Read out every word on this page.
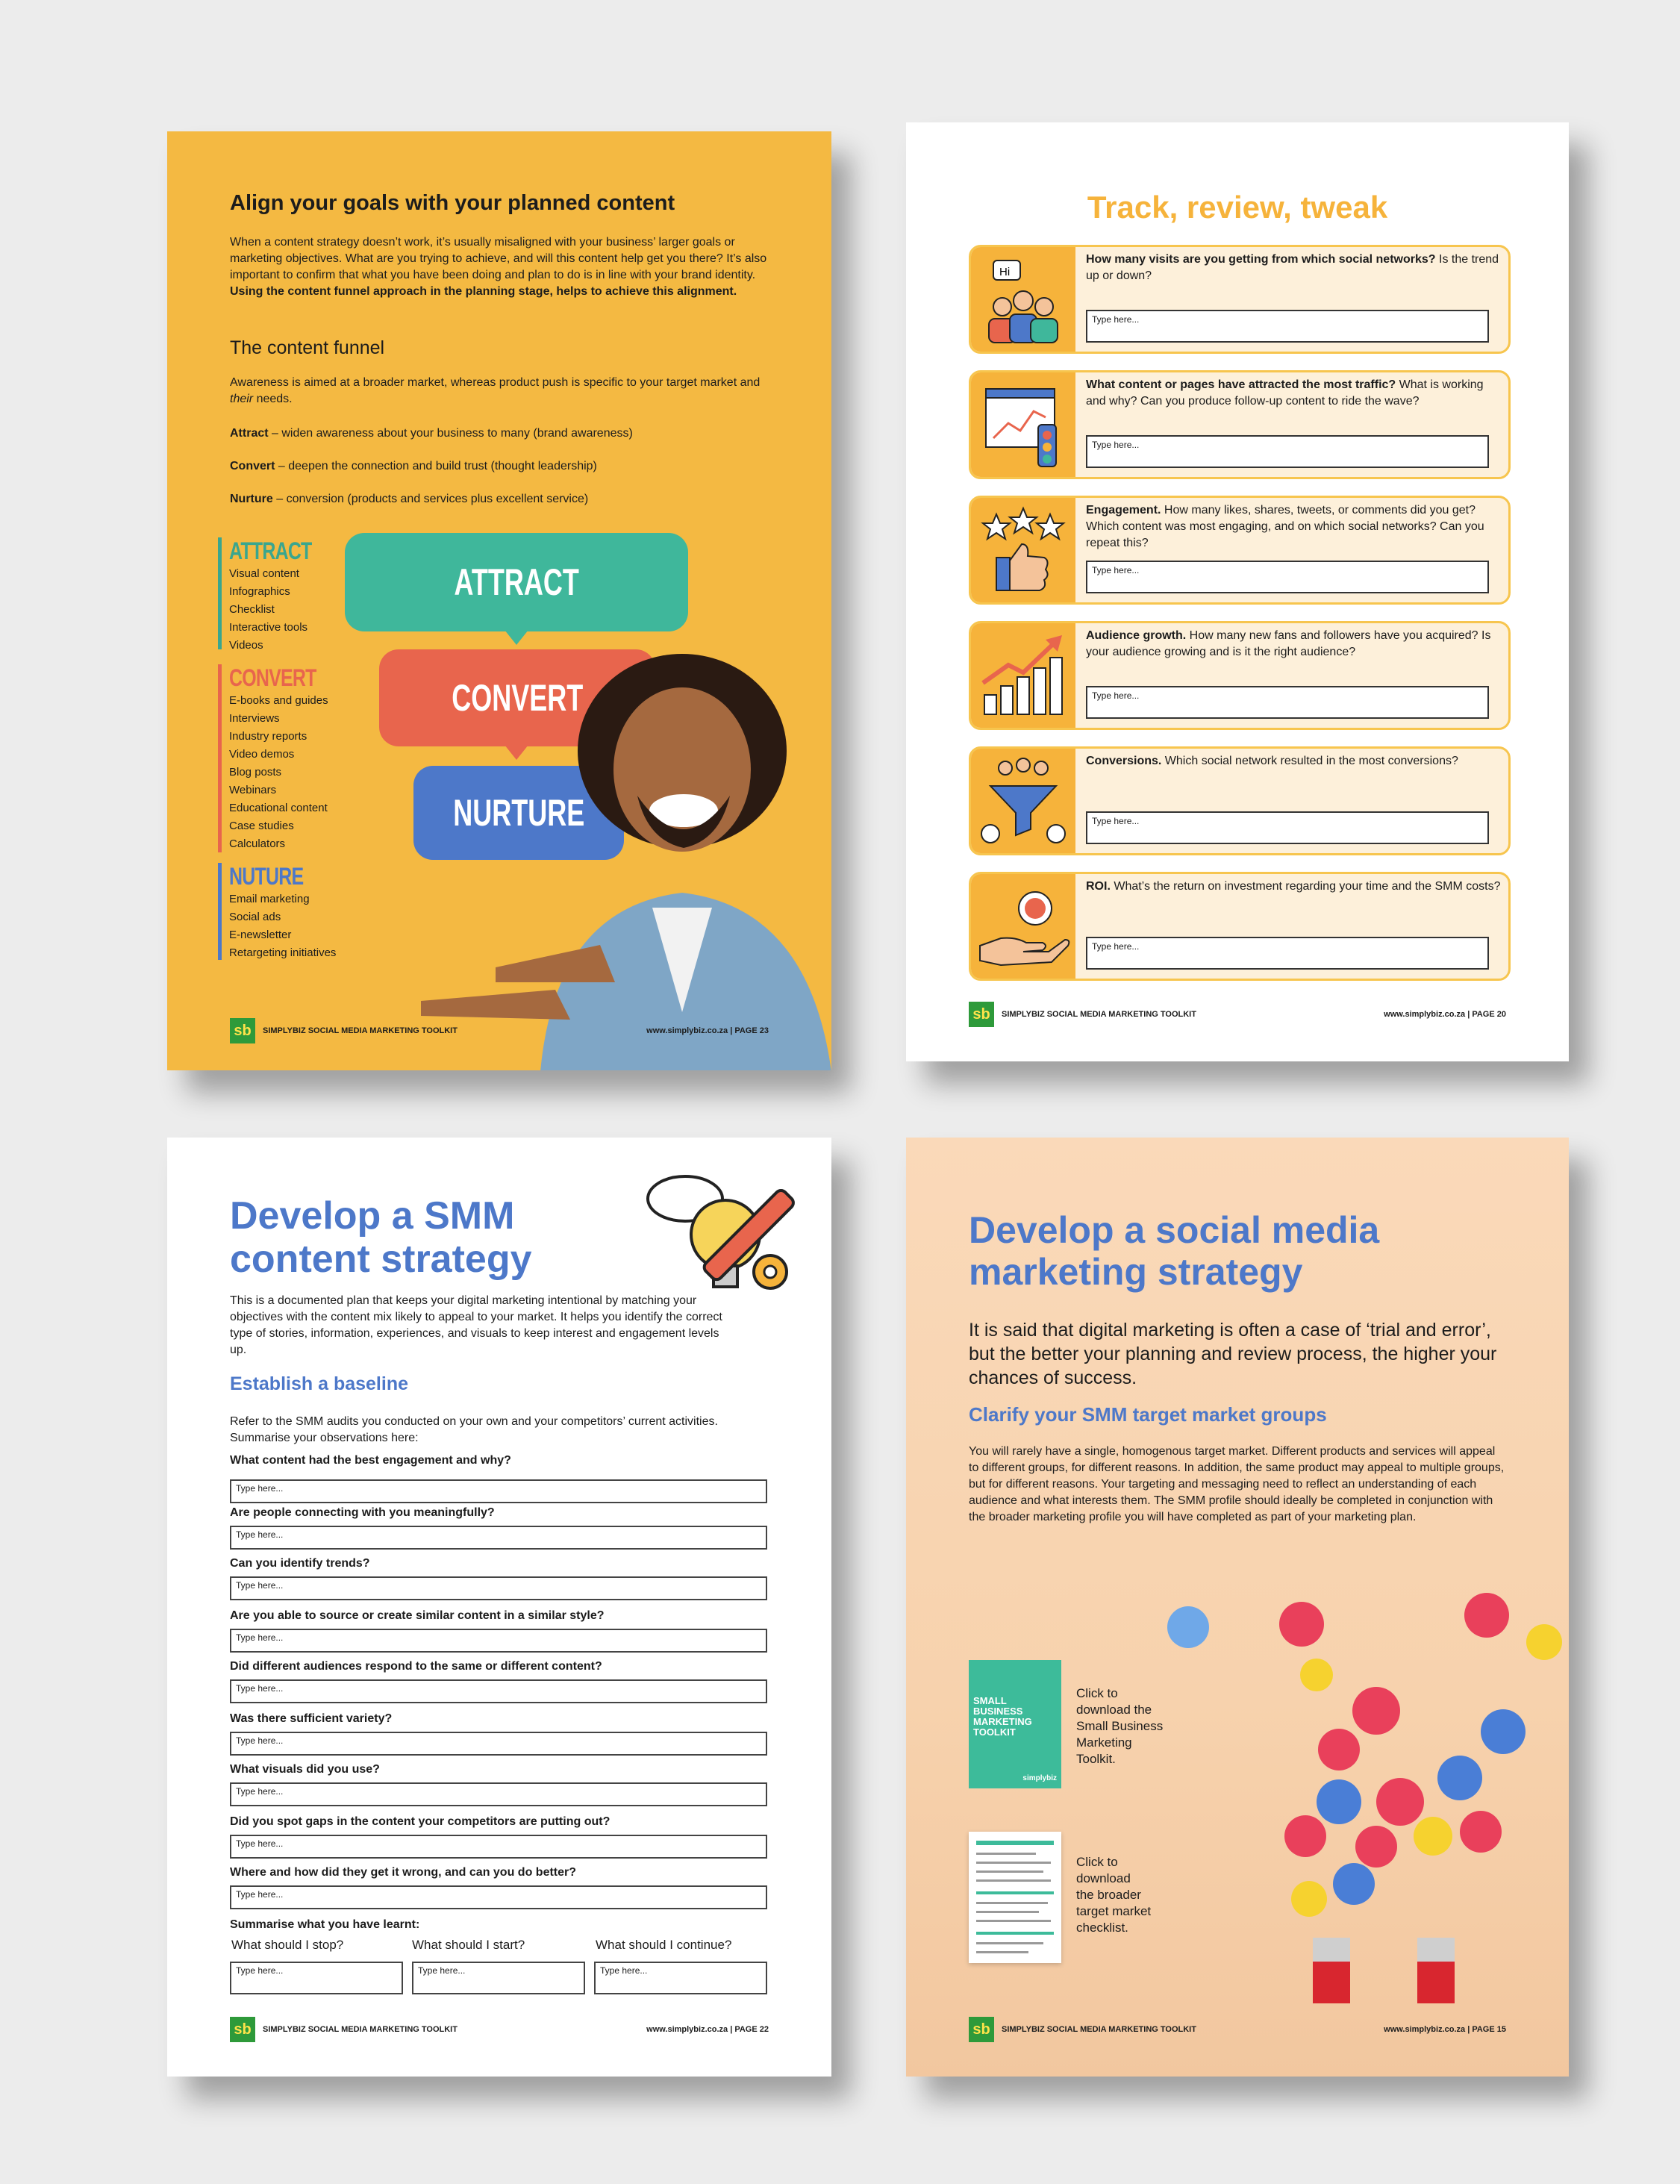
Align your goals with your planned content

When a content strategy doesn’t work, it’s usually misaligned with your business’ larger goals or marketing objectives. What are you trying to achieve, and will this content help get you there? It’s also important to confirm that what you have been doing and plan to do is in line with your brand identity. Using the content funnel approach in the planning stage, helps to achieve this alignment.

The content funnel

Awareness is aimed at a broader market, whereas product push is specific to your target market and their needs.

Attract – widen awareness about your business to many (brand awareness)

Convert – deepen the connection and build trust (thought leadership)

Nurture – conversion (products and services plus excellent service)

ATTRACT
Visual content
Infographics
Checklist
Interactive tools
Videos
CONVERT
E-books and guides
Interviews
Industry reports
Video demos
Blog posts
Webinars
Educational content
Case studies
Calculators
NUTURE
Email marketing
Social ads
E-newsletter
Retargeting initiatives
ATTRACT
CONVERT
NURTURE
sb	SIMPLYBIZ SOCIAL MEDIA MARKETING TOOLKIT	www.simplybiz.co.za | PAGE 23
Track, review, tweak
Hi
How many visits are you getting from which social networks? Is the trend up or down?
Type here...
What content or pages have attracted the most traffic? What is working and why? Can you produce follow-up content to ride the wave?
Type here...
Engagement. How many likes, shares, tweets, or comments did you get? Which content was most engaging, and on which social networks? Can you repeat this?
Type here...
Audience growth. How many new fans and followers have you acquired? Is your audience growing and is it the right audience?
Type here...
Conversions. Which social network resulted in the most conversions?
Type here...
ROI. What’s the return on investment regarding your time and the SMM costs?
Type here...
sb	SIMPLYBIZ SOCIAL MEDIA MARKETING TOOLKIT	www.simplybiz.co.za | PAGE 20
Develop a SMM
content strategy

This is a documented plan that keeps your digital marketing intentional by matching your objectives with the content mix likely to appeal to your market. It helps you identify the correct type of stories, information, experiences, and visuals to keep interest and engagement levels up.

Establish a baseline

Refer to the SMM audits you conducted on your own and your competitors’ current activities. Summarise your observations here:

What content had the best engagement and why?
Type here...
Are people connecting with you meaningfully?
Type here...
Can you identify trends?
Type here...
Are you able to source or create similar content in a similar style?
Type here...
Did different audiences respond to the same or different content?
Type here...
Was there sufficient variety?
Type here...
What visuals did you use?
Type here...
Did you spot gaps in the content your competitors are putting out?
Type here...
Where and how did they get it wrong, and can you do better?
Type here...
Summarise what you have learnt:
What should I stop?	What should I start?	What should I continue?
Type here...	Type here...	Type here...
sb	SIMPLYBIZ SOCIAL MEDIA MARKETING TOOLKIT	www.simplybiz.co.za | PAGE 22
Develop a social media
marketing strategy

It is said that digital marketing is often a case of ‘trial and error’, but the better your planning and review process, the higher your chances of success.

Clarify your SMM target market groups

You will rarely have a single, homogenous target market. Different products and services will appeal to different groups, for different reasons. In addition, the same product may appeal to multiple groups, but for different reasons. Your targeting and messaging need to reflect an understanding of each audience and what interests them. The SMM profile should ideally be completed in conjunction with the broader marketing profile you will have completed as part of your marketing plan.

SMALL
BUSINESS
MARKETING
TOOLKIT

simplybiz

Click to
download the
Small Business
Marketing
Toolkit.
Click to
download
the broader
target market
checklist.
sb	SIMPLYBIZ SOCIAL MEDIA MARKETING TOOLKIT	www.simplybiz.co.za | PAGE 15
